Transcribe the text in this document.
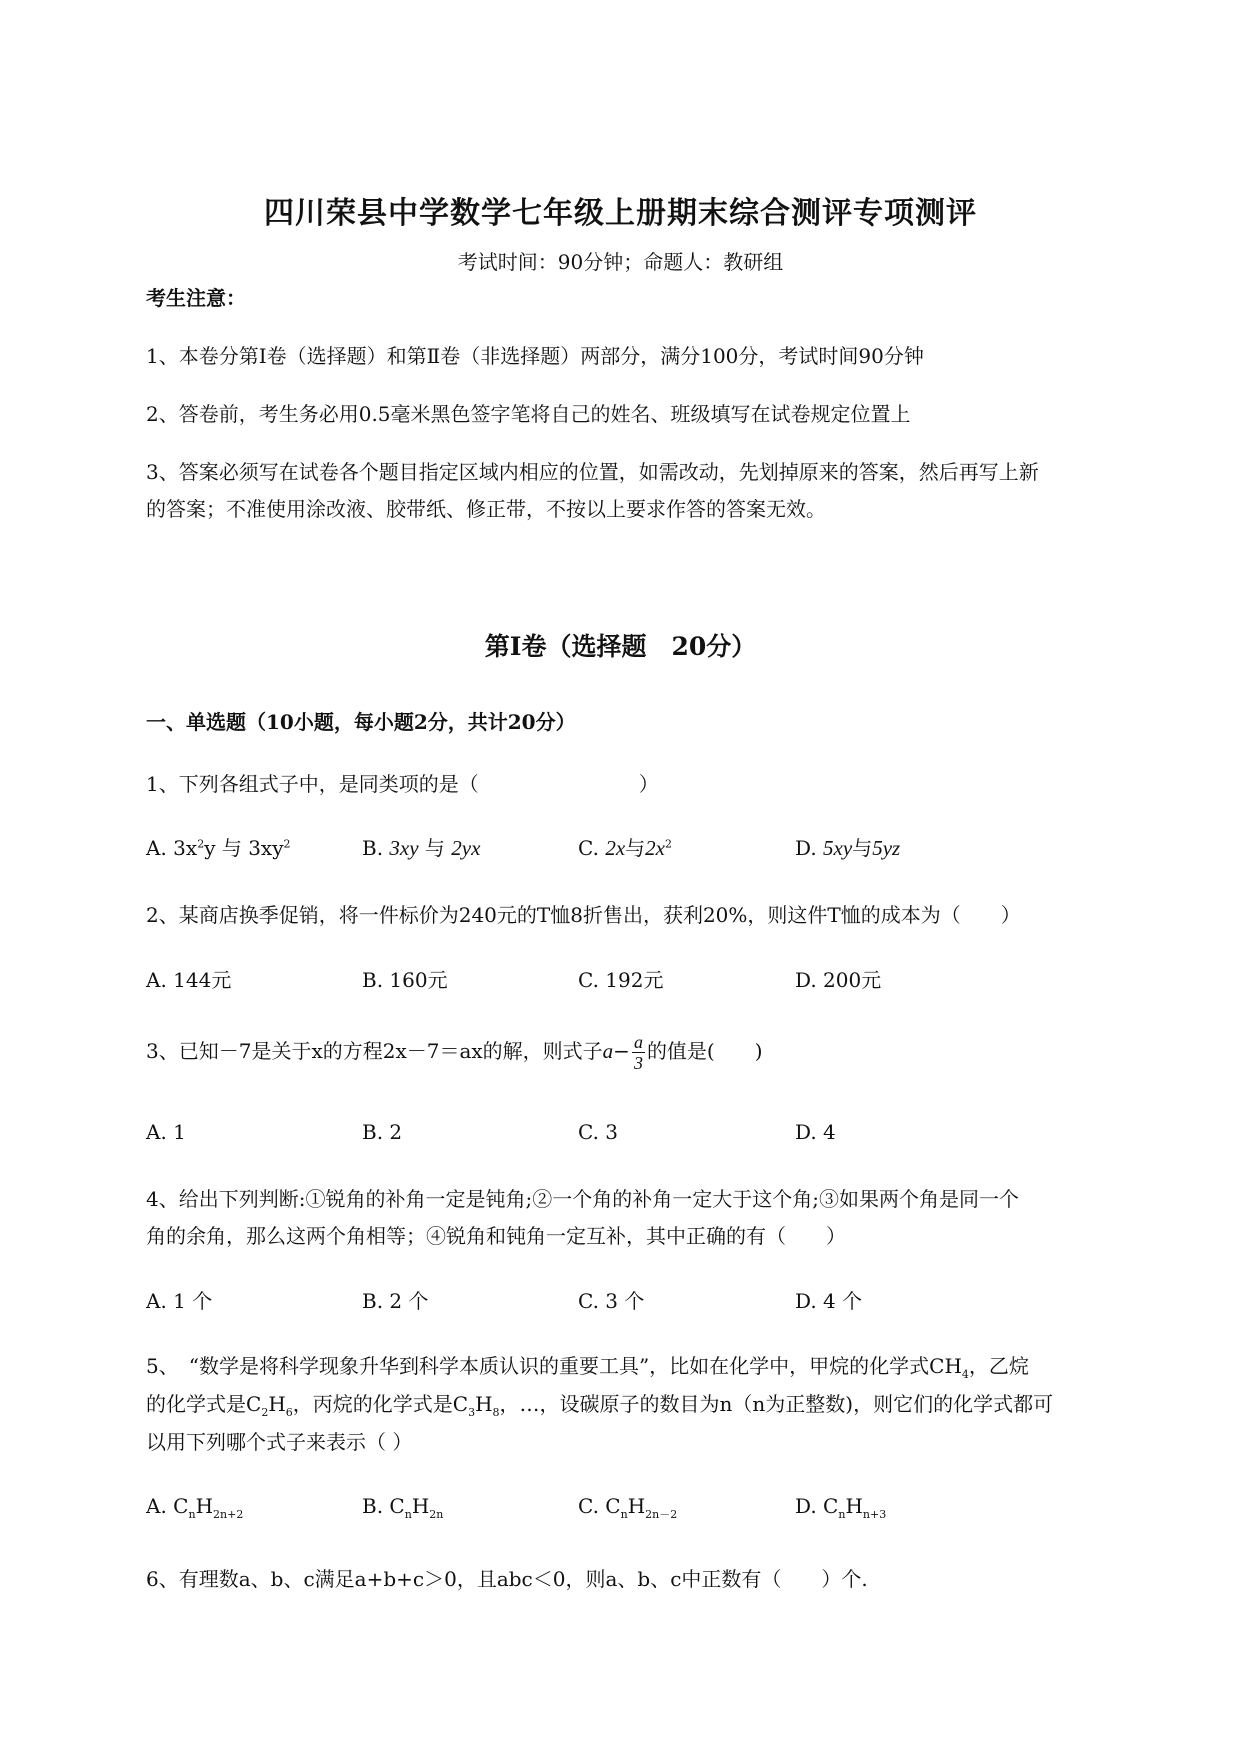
四川荣县中学数学七年级上册期末综合测评专项测评
考试时间：90分钟；命题人：教研组
考生注意：
1、本卷分第I卷（选择题）和第Ⅱ卷（非选择题）两部分，满分100分，考试时间90分钟
2、答卷前，考生务必用0.5毫米黑色签字笔将自己的姓名、班级填写在试卷规定位置上
3、答案必须写在试卷各个题目指定区域内相应的位置，如需改动，先划掉原来的答案，然后再写上新
的答案；不准使用涂改液、胶带纸、修正带，不按以上要求作答的答案无效。
第I卷（选择题　20分）
一、单选题（10小题，每小题2分，共计20分）
1、下列各组式子中，是同类项的是（　　　　　　　　）
A. $3x^2y$ 与 $3xy^2$	B. 3xy 与 2yx	C. 2x与$2x^2$	D. 5xy与5yz
2、某商店换季促销，将一件标价为240元的T恤8折售出，获利20%，则这件T恤的成本为（　　）
A. 144元	B. 160元	C. 192元	D. 200元
3、已知－7是关于x的方程2x－7＝ax的解，则式子$a- \frac{a}{3}$ 的值是(　　)
A. 1	B. 2	C. 3	D. 4
4、给出下列判断:①锐角的补角一定是钝角;②一个角的补角一定大于这个角;③如果两个角是同一个
角的余角，那么这两个角相等；④锐角和钝角一定互补，其中正确的有（　　）
A. 1 个	B. 2 个	C. 3 个	D. 4 个
5、　“数学是将科学现象升华到科学本质认识的重要工具”，比如在化学中，甲烷的化学式$CH_4$，乙烷
的化学式是$C_2H_6$，丙烷的化学式是$C_3H_8$，…，设碳原子的数目为n（n为正整数)，则它们的化学式都可
以用下列哪个式子来表示（ ）
A. $C_nH_{2n+2}$	B. $C_nH_{2n}$	C. $C_nH_{2n-2}$	D. $C_nH_{n+3}$
6、有理数a、b、c满足a+b+c＞0，且abc＜0，则a、b、c中正数有（　　）个.
